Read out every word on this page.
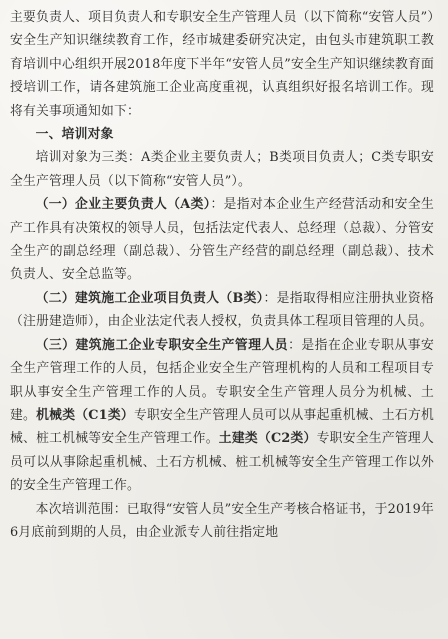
主要负责人、项目负责人和专职安全生产管理人员（以下简称“安管人员”）安全生产知识继续教育工作，经市城建委研究决定，由包头市建筑职工教育培训中心组织开展2018年度下半年“安管人员”安全生产知识继续教育面授培训工作，请各建筑施工企业高度重视，认真组织好报名培训工作。现将有关事项通知如下：

一、培训对象

培训对象为三类：A类企业主要负责人；B类项目负责人；C类专职安全生产管理人员（以下简称“安管人员”）。

（一）企业主要负责人（A类）：是指对本企业生产经营活动和安全生产工作具有决策权的领导人员，包括法定代表人、总经理（总裁）、分管安全生产的副总经理（副总裁）、分管生产经营的副总经理（副总裁）、技术负责人、安全总监等。

（二）建筑施工企业项目负责人（B类）：是指取得相应注册执业资格（注册建造师），由企业法定代表人授权，负责具体工程项目管理的人员。

（三）建筑施工企业专职安全生产管理人员：是指在企业专职从事安全生产管理工作的人员，包括企业安全生产管理机构的人员和工程项目专职从事安全生产管理工作的人员。专职安全生产管理人员分为机械、土建。机械类（C1类）专职安全生产管理人员可以从事起重机械、土石方机械、桩工机械等安全生产管理工作。土建类（C2类）专职安全生产管理人员可以从事除起重机械、土石方机械、桩工机械等安全生产管理工作以外的安全生产管理工作。

本次培训范围：已取得“安管人员”安全生产考核合格证书，于2019年6月底前到期的人员，由企业派专人前往指定地
